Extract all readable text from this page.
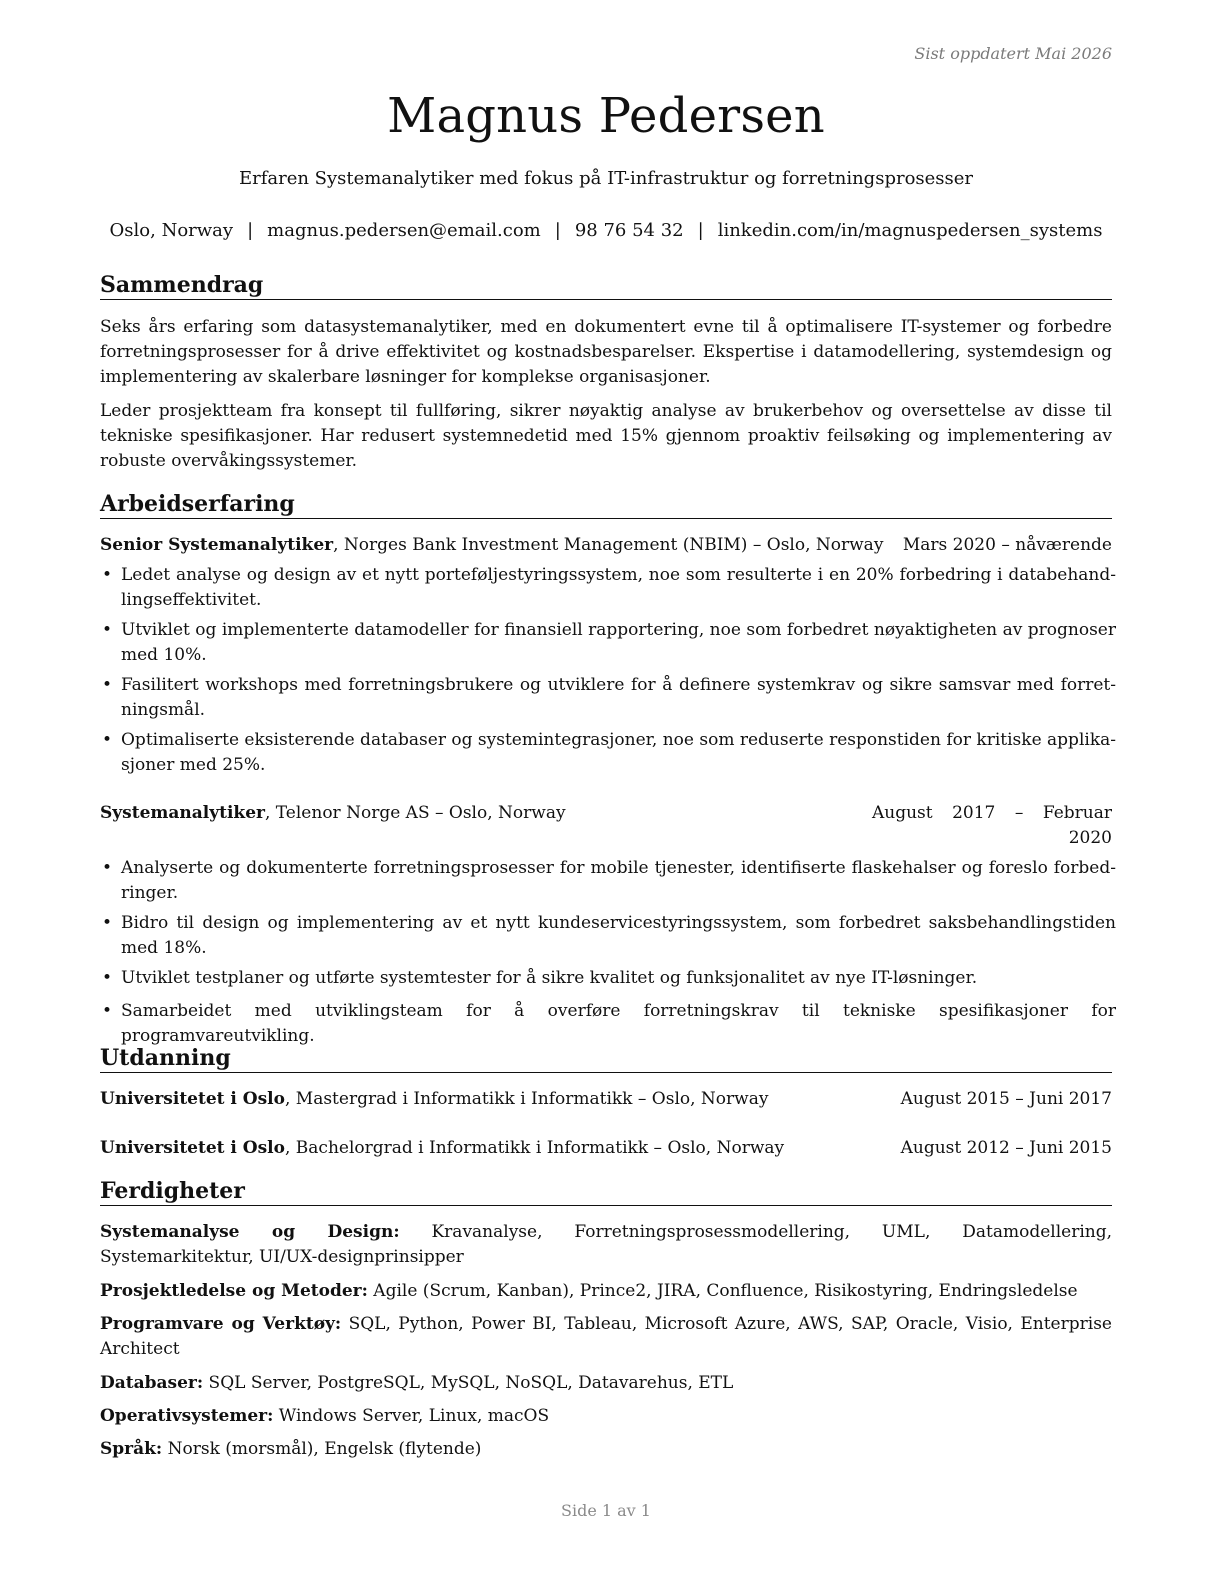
Sist oppdatert Mai 2026
Magnus Pedersen
Erfaren Systemanalytiker med fokus på IT-infrastruktur og forretningsprosesser
Oslo, Norway | magnus.pedersen@email.com | 98 76 54 32 | linkedin.com/in/magnuspedersen_systems
Sammendrag

Seks års erfaring som datasystemanalytiker, med en dokumentert evne til å optimalisere IT-systemer og forbedre forretningsprosesser for å drive effektivitet og kostnadsbesparelser. Ekspertise i datamodellering, systemdesign og implementering av skalerbare løsninger for komplekse organisasjoner.

Leder prosjektteam fra konsept til fullføring, sikrer nøyaktig analyse av brukerbehov og oversettelse av disse til tekniske spesifikasjoner. Har redusert systemnedetid med 15% gjennom proaktiv feilsøking og implementering av robuste overvåkingssystemer.

Arbeidserfaring
Senior Systemanalytiker, Norges Bank Investment Management (NBIM) – Oslo, Norway Mars 2020 – nåværende
• Ledet analyse og design av et nytt porteføljestyringssystem, noe som resulterte i en 20% forbedring i databehandlingseffektivitet.
• Utviklet og implementerte datamodeller for finansiell rapportering, noe som forbedret nøyaktigheten av prognoser med 10%.
• Fasilitert workshops med forretningsbrukere og utviklere for å definere systemkrav og sikre samsvar med forretningsmål.
• Optimaliserte eksisterende databaser og systemintegrasjoner, noe som reduserte responstiden for kritiske applikasjoner med 25%.
Systemanalytiker, Telenor Norge AS – Oslo, Norway	August 2017 – Februar 2020
• Analyserte og dokumenterte forretningsprosesser for mobile tjenester, identifiserte flaskehalser og foreslo forbedringer.
• Bidro til design og implementering av et nytt kundeservicestyringssystem, som forbedret saksbehandlingstiden med 18%.
• Utviklet testplaner og utførte systemtester for å sikre kvalitet og funksjonalitet av nye IT-løsninger.
• Samarbeidet med utviklingsteam for å overføre forretningskrav til tekniske spesifikasjoner for programvareutvikling.
Utdanning
Universitetet i Oslo, Mastergrad i Informatikk i Informatikk – Oslo, Norway	August 2015 – Juni 2017
Universitetet i Oslo, Bachelorgrad i Informatikk i Informatikk – Oslo, Norway	August 2012 – Juni 2015
Ferdigheter
Systemanalyse og Design: Kravanalyse, Forretningsprosessmodellering, UML, Datamodellering, Systemarkitektur, UI/UX-designprinsipper
Prosjektledelse og Metoder: Agile (Scrum, Kanban), Prince2, JIRA, Confluence, Risikostyring, Endringsledelse
Programvare og Verktøy: SQL, Python, Power BI, Tableau, Microsoft Azure, AWS, SAP, Oracle, Visio, Enterprise Architect
Databaser: SQL Server, PostgreSQL, MySQL, NoSQL, Datavarehus, ETL
Operativsystemer: Windows Server, Linux, macOS
Språk: Norsk (morsmål), Engelsk (flytende)
Side 1 av 1
